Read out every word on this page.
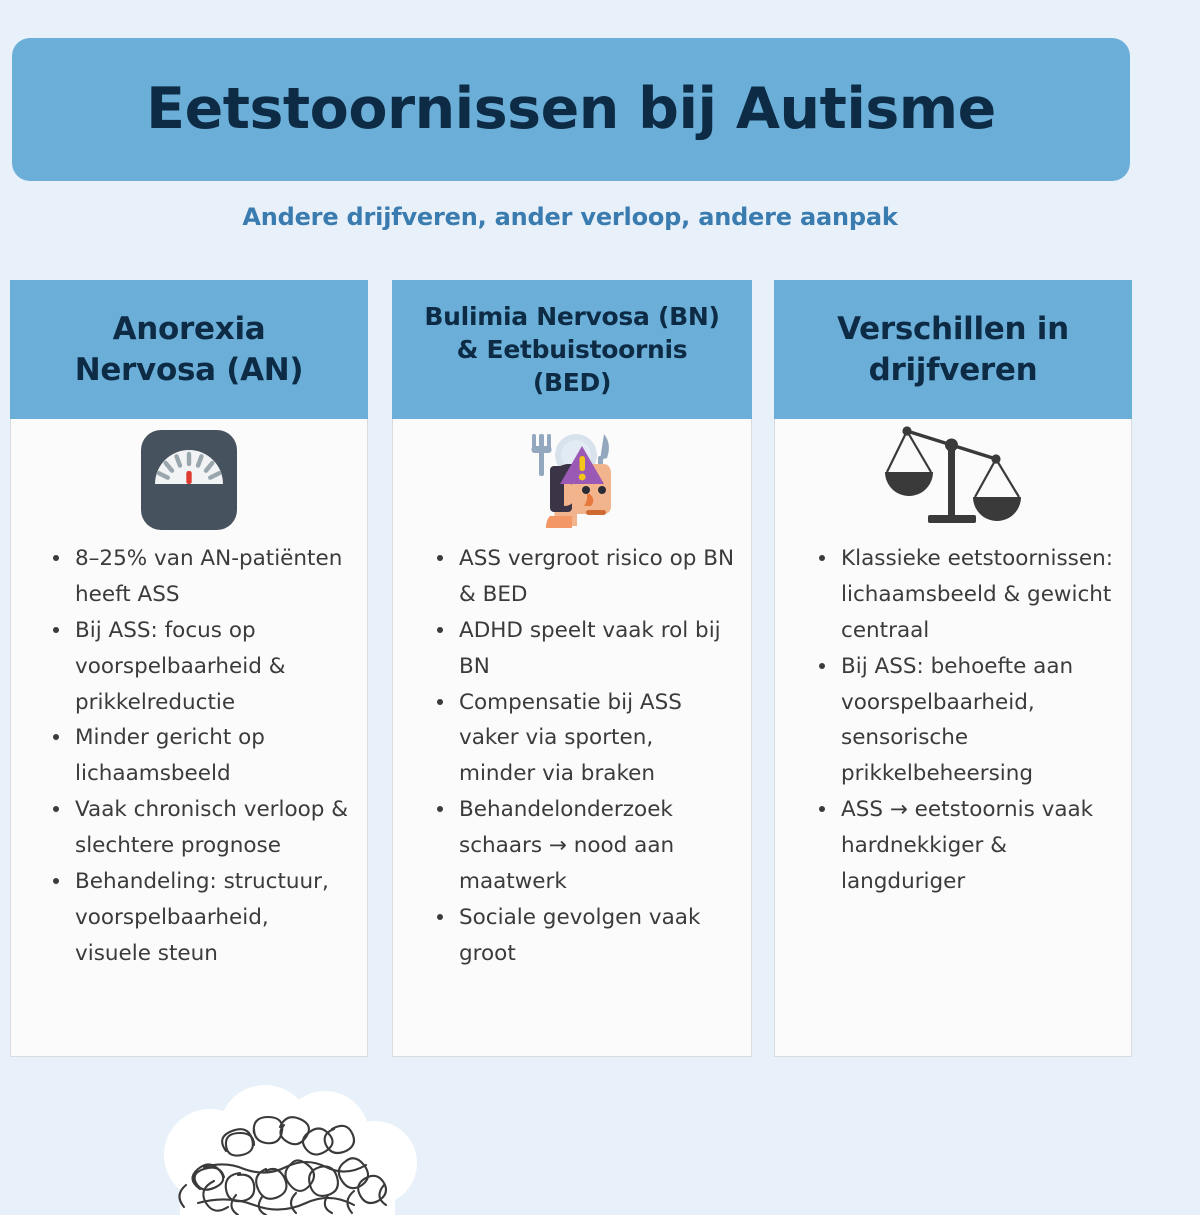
Eetstoornissen bij Autisme
Andere drijfveren, ander verloop, andere aanpak
Anorexia
Nervosa (AN)
8–25% van AN-patiënten heeft ASS
Bij ASS: focus op voorspelbaarheid & prikkelreductie
Minder gericht op lichaamsbeeld
Vaak chronisch verloop & slechtere prognose
Behandeling: structuur, voorspelbaarheid, visuele steun
Bulimia Nervosa (BN)
& Eetbuistoornis
(BED)
ASS vergroot risico op BN & BED
ADHD speelt vaak rol bij BN
Compensatie bij ASS vaker via sporten, minder via braken
Behandelonderzoek schaars → nood aan maatwerk
Sociale gevolgen vaak groot
Verschillen in
drijfveren
Klassieke eetstoornissen: lichaamsbeeld & gewicht centraal
Bij ASS: behoefte aan voorspelbaarheid, sensorische prikkelbeheersing
ASS → eetstoornis vaak hardnekkiger & langduriger
